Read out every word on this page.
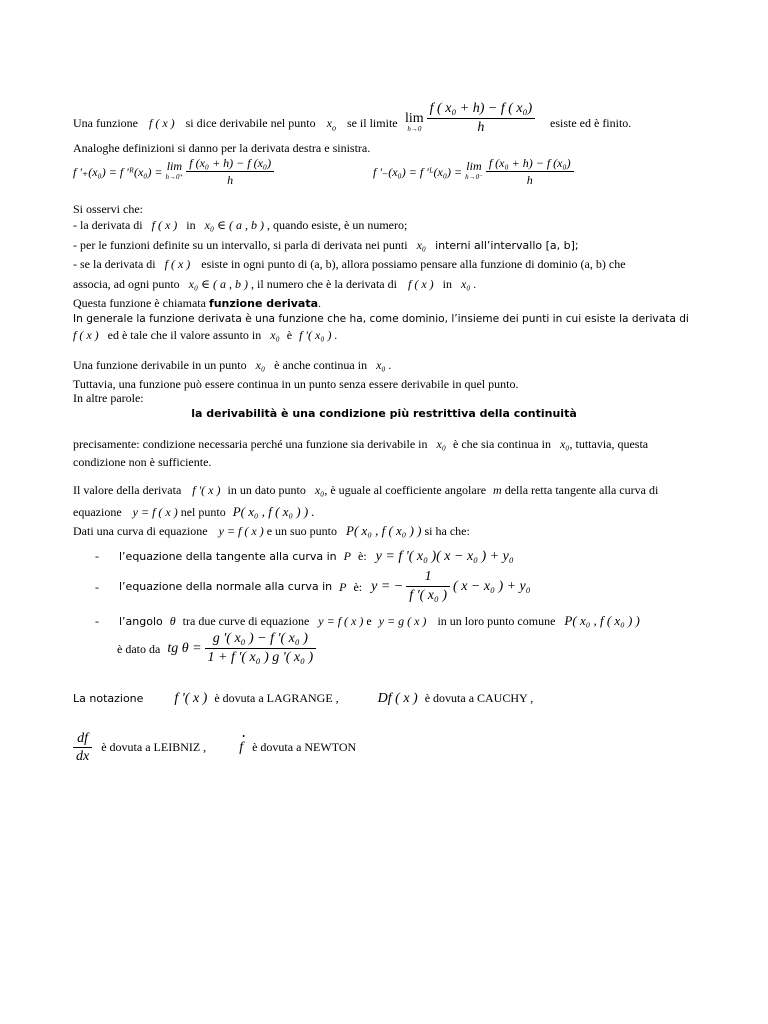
Una funzione f ( x ) si dice derivabile nel punto $x_o$ se il limite lim
h→0
$\frac{\text{f ( x₀ + h) − f ( x₀)}}{h}$ esiste ed è finito.
Analoghe definizioni si danno per la derivata destra e sinistra.
f '₊(x₀) = f 'ᴿ(x₀) = lim
h→0⁺
$\frac{\text{f (x₀ + h) − f (x₀)}}{h}$	f '₋(x₀) = f 'ᴸ(x₀) = lim
h→0⁻
$\frac{\text{f (x₀ + h) − f (x₀)}}{h}$
Si osservi che:
- la derivata di f ( x ) in x₀ ∈ ( a , b ) , quando esiste, è un numero;
- per le funzioni definite su un intervallo, si parla di derivata nei punti x₀ interni all’intervallo [a, b];
- se la derivata di f ( x ) esiste in ogni punto di (a, b), allora possiamo pensare alla funzione di dominio (a, b) che
associa, ad ogni punto x₀ ∈ ( a , b ) , il numero che è la derivata di f ( x ) in x₀ .
Questa funzione è chiamata funzione derivata.
In generale la funzione derivata è una funzione che ha, come dominio, l’insieme dei punti in cui esiste la derivata di
f ( x ) ed è tale che il valore assunto in x₀ è f '( x₀ ) .
Una funzione derivabile in un punto x₀ è anche continua in x₀ .
Tuttavia, una funzione può essere continua in un punto senza essere derivabile in quel punto.
In altre parole:
la derivabilità è una condizione più restrittiva della continuità
precisamente: condizione necessaria perché una funzione sia derivabile in x₀ è che sia continua in x₀, tuttavia, questa
condizione non è sufficiente.
Il valore della derivata f '( x ) in un dato punto x₀, è uguale al coefficiente angolare m della retta tangente alla curva di
equazione y = f ( x ) nel punto P( x₀ , f ( x₀ ) ) .
Dati una curva di equazione y = f ( x ) e un suo punto P( x₀ , f ( x₀ ) ) si ha che:
- l’equazione della tangente alla curva in P è: y = f '( x₀ )( x − x₀ ) + y₀
- l’equazione della normale alla curva in P è: y = − $\frac{1}{\text{f '( x₀ )}}$ ( x − x₀ ) + y₀
- l’angolo θ tra due curve di equazione y = f ( x ) e y = g ( x ) in un loro punto comune P( x₀ , f ( x₀ ) )
è dato da tg $\theta = \frac{\text{g '( x₀ ) − f '( x₀ )}}{\text{1 + f '( x₀ ) g '( x₀ )}}$
La notazione f '( x ) è dovuta a LAGRANGE ,	Df ( x ) è dovuta a CAUCHY ,
$\frac{df}{dx}$ è dovuta a LEIBNIZ ,
•
f è dovuta a NEWTON
